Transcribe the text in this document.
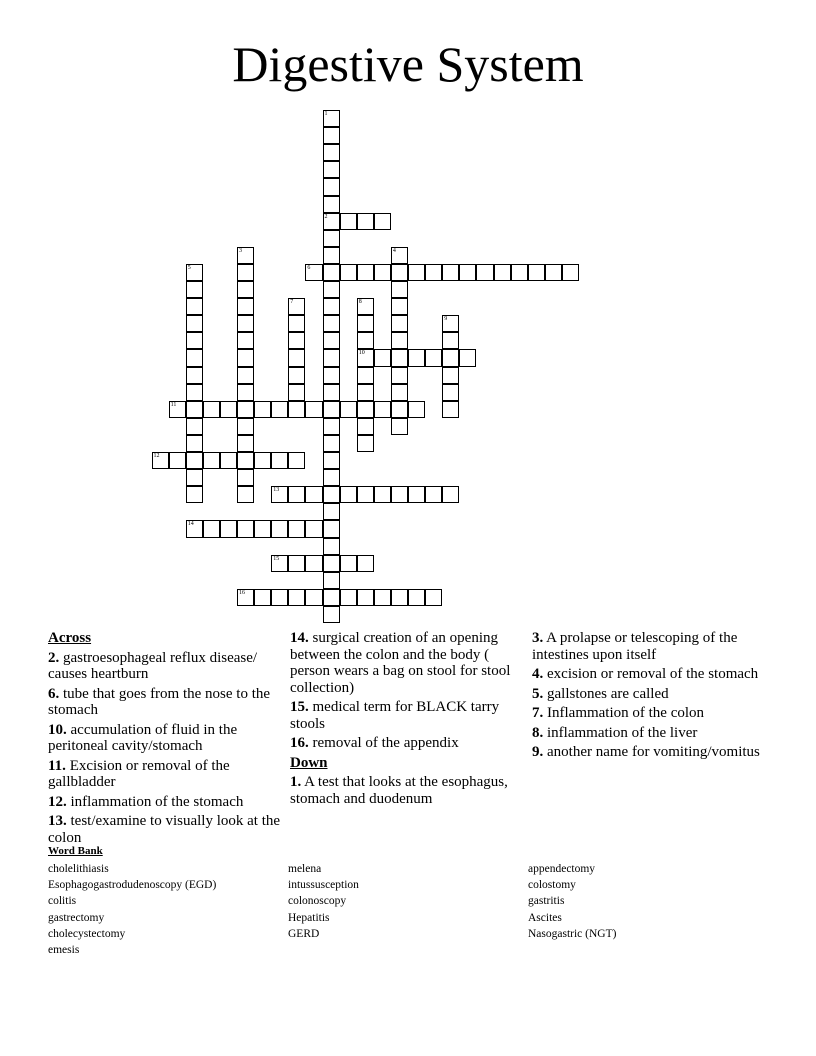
Digestive System
1
2
3	4
5	6
7	8
10
9
11
12
13
14
15
16
Across
2. gastroesophageal reflux disease/ causes heartburn
6. tube that goes from the nose to the stomach
10. accumulation of fluid in the peritoneal cavity/stomach
11. Excision or removal of the gallbladder
12. inflammation of the stomach
13. test/examine to visually look at the colon
14. surgical creation of an opening between the colon and the body ( person wears a bag on stool for stool collection)
15. medical term for BLACK tarry stools
16. removal of the appendix
Down
1. A test that looks at the esophagus, stomach and duodenum
3. A prolapse or telescoping of the intestines upon itself
4. excision or removal of the stomach
5. gallstones are called
7. Inflammation of the colon
8. inflammation of the liver
9. another name for vomiting/vomitus
Word Bank
cholelithiasis
Esophagogastrodudenoscopy (EGD)
colitis
gastrectomy
cholecystectomy
emesis
melena
intussusception
colonoscopy
Hepatitis
GERD
appendectomy
colostomy
gastritis
Ascites
Nasogastric (NGT)
